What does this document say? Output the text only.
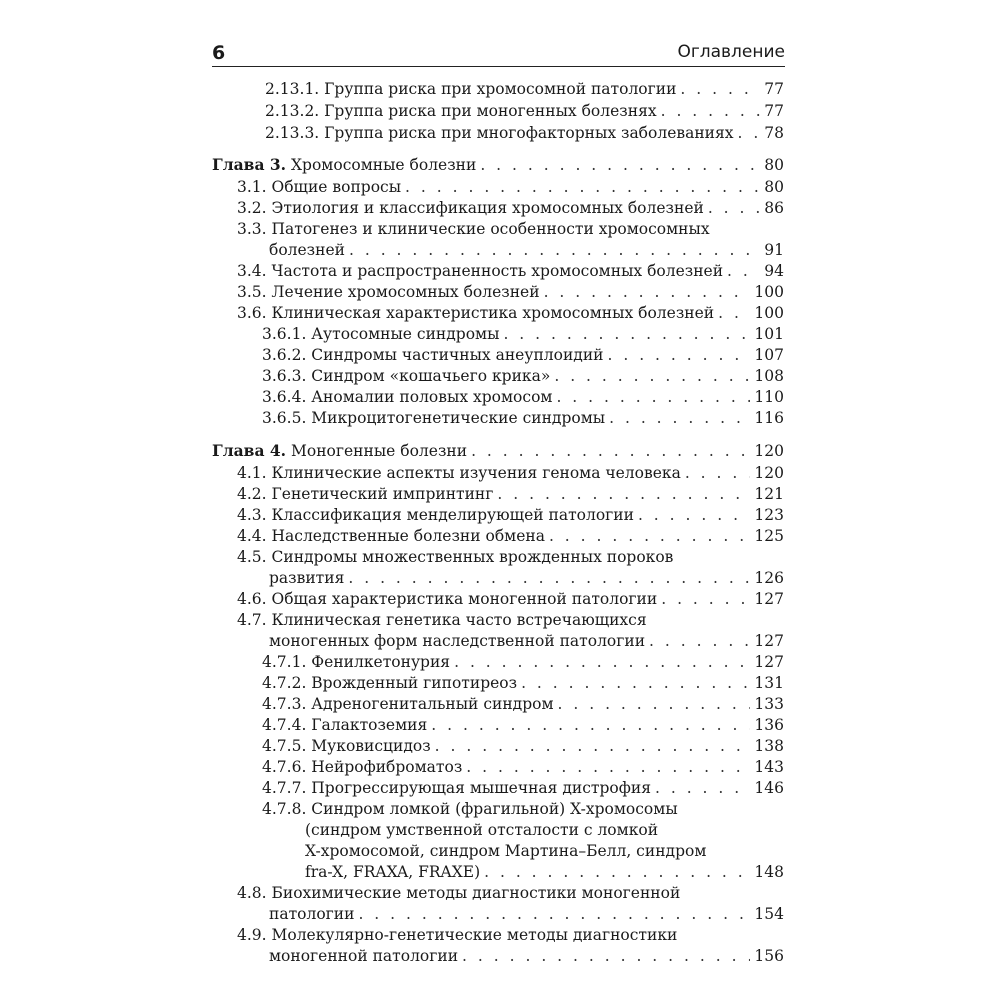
6	Оглавление
2.13.1. Группа риска при хромосомной патологии . . .	77
2.13.2. Группа риска при моногенных болезнях . . .	77
2.13.3. Группа риска при многофакторных заболеваниях . . . 78
Глава 3. Хромосомные болезни . . .	80
3.1. Общие вопросы . . .	80
3.2. Этиология и классификация хромосомных болезней . . .	86
3.3. Патогенез и клинические особенности хромосомных
болезней . . .	91
3.4. Частота и распространенность хромосомных болезней . . .	94
3.5. Лечение хромосомных болезней . . .	100
3.6. Клиническая характеристика хромосомных болезней . . .	100
3.6.1. Аутосомные синдромы . . .	101
3.6.2. Синдромы частичных анеуплоидий . . .	107
3.6.3. Синдром «кошачьего крика» . . .	108
3.6.4. Аномалии половых хромосом . . .	110
3.6.5. Микроцитогенетические синдромы . . .	116
Глава 4. Моногенные болезни . . .	120
4.1. Клинические аспекты изучения генома человека . . .	120
4.2. Генетический импринтинг . . .	121
4.3. Классификация менделирующей патологии . . .	123
4.4. Наследственные болезни обмена . . .	125
4.5. Синдромы множественных врожденных пороков
развития . . .	126
4.6. Общая характеристика моногенной патологии . . .	127
4.7. Клиническая генетика часто встречающихся
моногенных форм наследственной патологии . . .	127
4.7.1. Фенилкетонурия . . .	127
4.7.2. Врожденный гипотиреоз . . .	131
4.7.3. Адреногенитальный синдром . . .	133
4.7.4. Галактоземия . . .	136
4.7.5. Муковисцидоз . . .	138
4.7.6. Нейрофиброматоз . . .	143
4.7.7. Прогрессирующая мышечная дистрофия . . .	146
4.7.8. Синдром ломкой (фрагильной) X-хромосомы
(синдром умственной отсталости с ломкой
X-хромосомой, синдром Мартина–Белл, синдром
fra-X, FRAXA, FRAXE) . . .	148
4.8. Биохимические методы диагностики моногенной
патологии . . .	154
4.9. Молекулярно-генетические методы диагностики
моногенной патологии . . .	156
